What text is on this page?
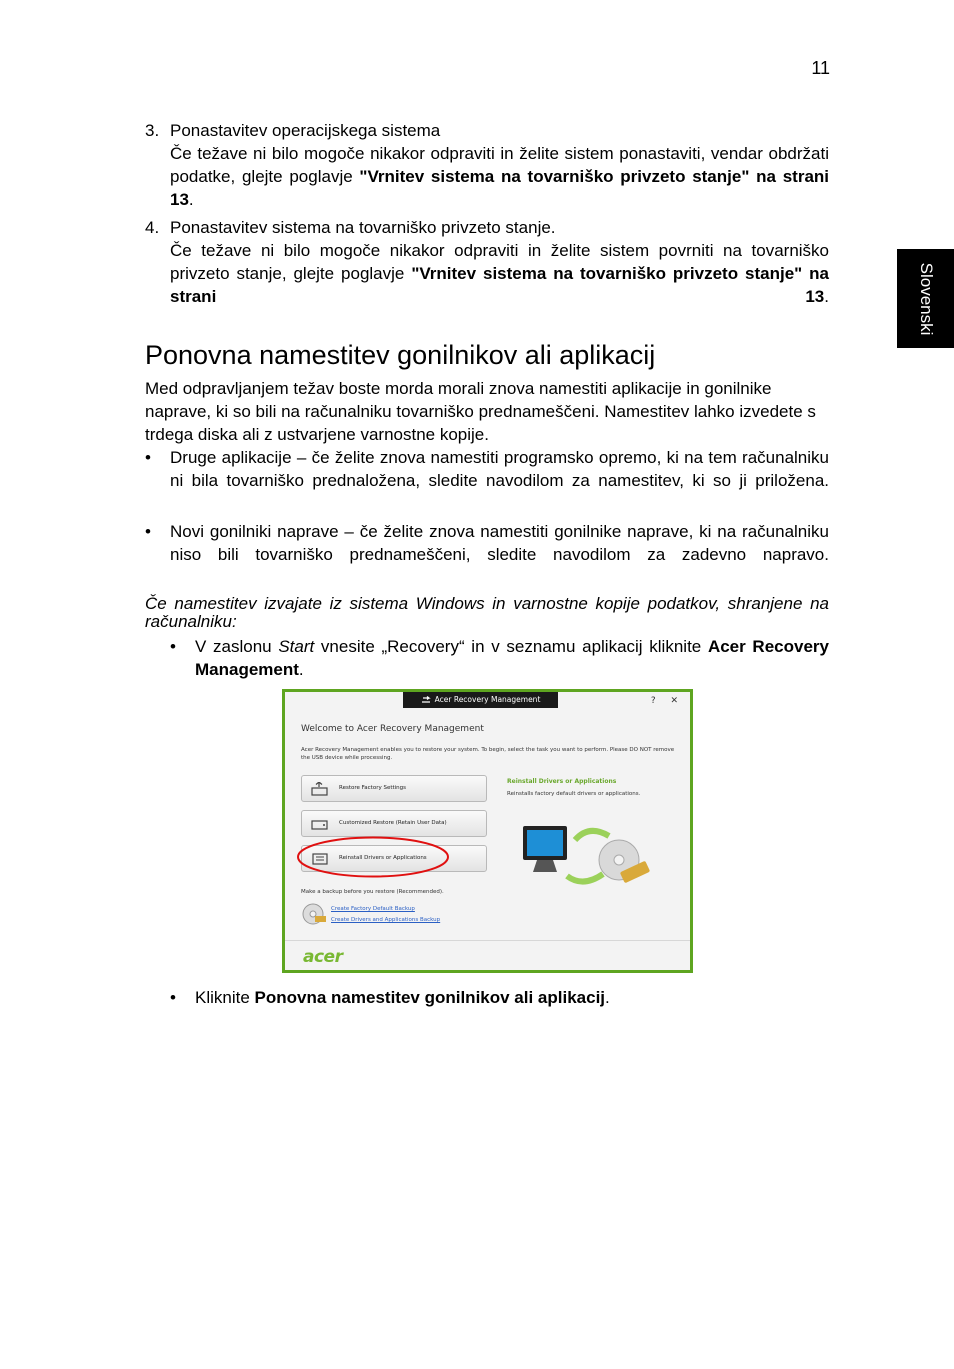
11
Slovenski
3. Ponastavitev operacijskega sistema
Če težave ni bilo mogoče nikakor odpraviti in želite sistem ponastaviti, vendar obdržati podatke, glejte poglavje "Vrnitev sistema na tovarniško privzeto stanje" na strani 13.
4. Ponastavitev sistema na tovarniško privzeto stanje.
Če težave ni bilo mogoče nikakor odpraviti in želite sistem povrniti na tovarniško privzeto stanje, glejte poglavje "Vrnitev sistema na tovarniško privzeto stanje" na strani 13.
Ponovna namestitev gonilnikov ali aplikacij
Med odpravljanjem težav boste morda morali znova namestiti aplikacije in gonilnike naprave, ki so bili na računalniku tovarniško prednameščeni. Namestitev lahko izvedete s trdega diska ali z ustvarjene varnostne kopije.
•	Druge aplikacije – če želite znova namestiti programsko opremo, ki na tem računalniku ni bila tovarniško prednaložena, sledite navodilom za namestitev, ki so ji priložena.
•	Novi gonilniki naprave – če želite znova namestiti gonilnike naprave, ki na računalniku niso bili tovarniško prednameščeni, sledite navodilom za zadevno napravo.
Če namestitev izvajate iz sistema Windows in varnostne kopije podatkov, shranjene na računalniku:
•	V zaslonu Start vnesite „Recovery“ in v seznamu aplikacij kliknite Acer Recovery Management.
Acer Recovery Management	? ✕
Welcome to Acer Recovery Management
Acer Recovery Management enables you to restore your system. To begin, select the task you want to perform. Please DO NOT remove the USB device while processing.
Restore Factory Settings
Customized Restore (Retain User Data)
Reinstall Drivers or Applications
Reinstall Drivers or Applications
Reinstalls factory default drivers or applications.
Make a backup before you restore (Recommended).
Create Factory Default Backup
Create Drivers and Applications Backup
acer
•	Kliknite Ponovna namestitev gonilnikov ali aplikacij.
